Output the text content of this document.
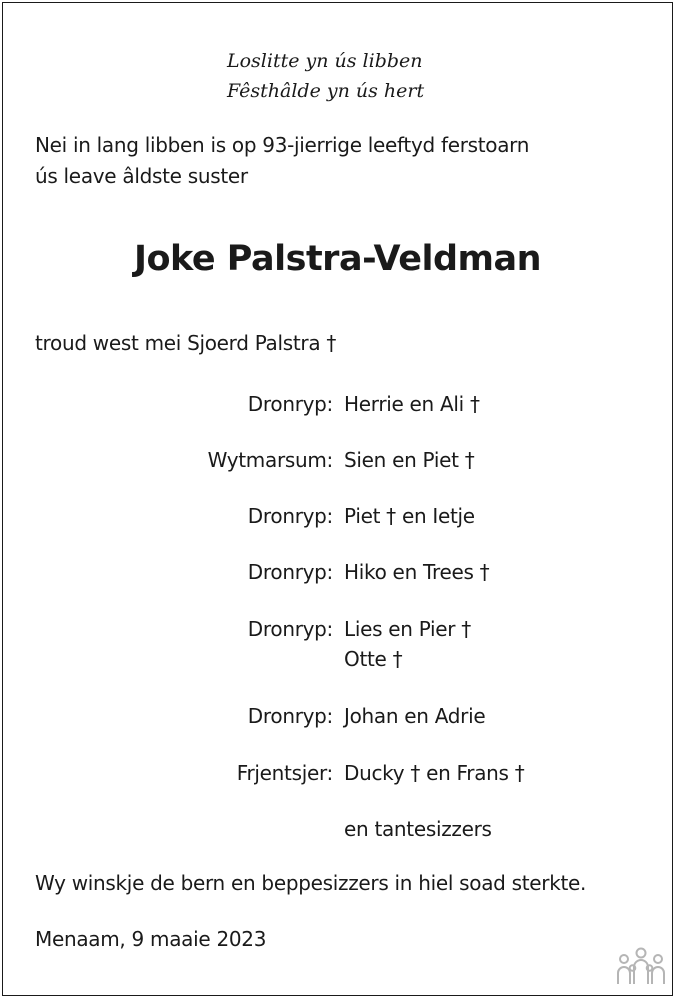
Loslitte yn ús libben
Fêsthâlde yn ús hert
Nei in lang libben is op 93-jierrige leeftyd ferstoarn
ús leave âldste suster
Joke Palstra-Veldman
troud west mei Sjoerd Palstra †
Dronryp: Herrie en Ali †
Wytmarsum: Sien en Piet †
Dronryp: Piet † en Ietje
Dronryp: Hiko en Trees †
Dronryp: Lies en Pier †
Otte †
Dronryp: Johan en Adrie
Frjentsjer: Ducky † en Frans †
en tantesizzers
Wy winskje de bern en beppesizzers in hiel soad sterkte.
Menaam, 9 maaie 2023
